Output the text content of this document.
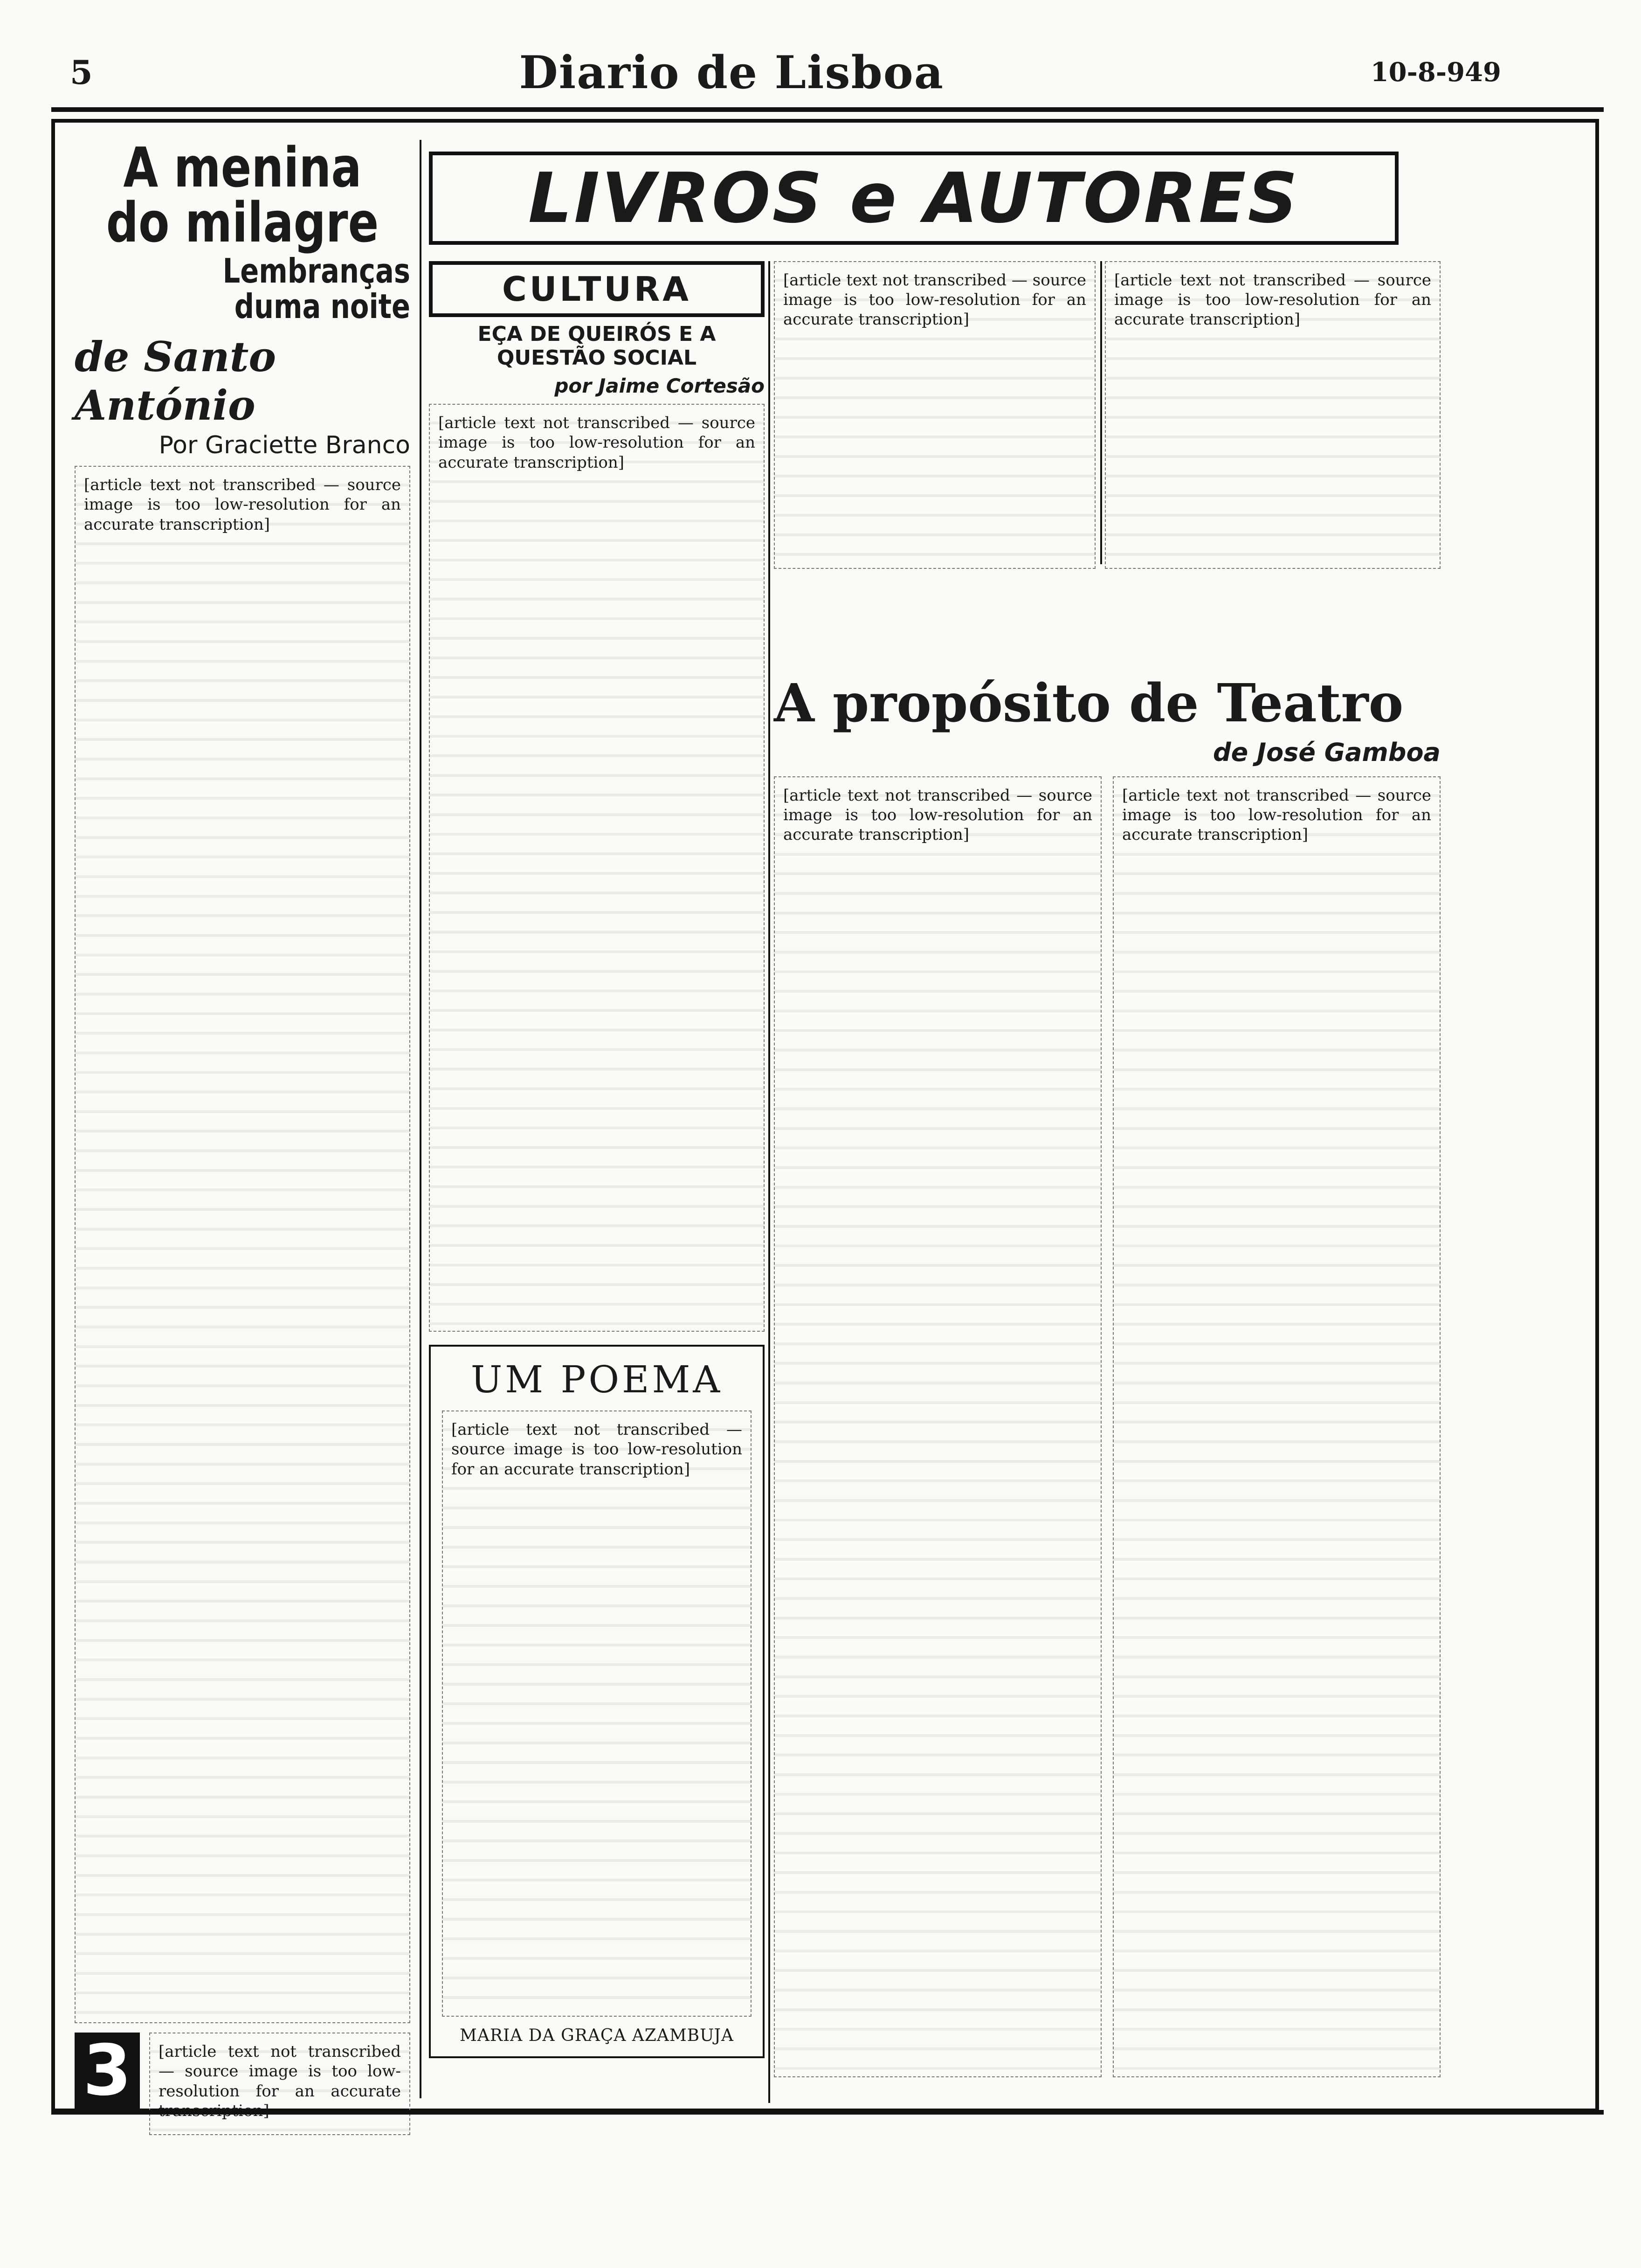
5	Diario de Lisboa	10-8-949
A menina do milagre
Lembranças duma noite
de Santo António
Por Graciette Branco
[article text not transcribed — source image is too low-resolution for an accurate transcription]
3	[article text not transcribed — source image is too low-resolution for an accurate transcription]
LIVROS e AUTORES
CULTURA
EÇA DE QUEIRÓS E A QUESTÃO SOCIAL
por Jaime Cortesão
[article text not transcribed — source image is too low-resolution for an accurate transcription]
UM POEMA
[article text not transcribed — source image is too low-resolution for an accurate transcription]
MARIA DA GRAÇA AZAMBUJA
[article text not transcribed — source image is too low-resolution for an accurate transcription]
[article text not transcribed — source image is too low-resolution for an accurate transcription]
A propósito de Teatro
de José Gamboa
[article text not transcribed — source image is too low-resolution for an accurate transcription]
[article text not transcribed — source image is too low-resolution for an accurate transcription]
